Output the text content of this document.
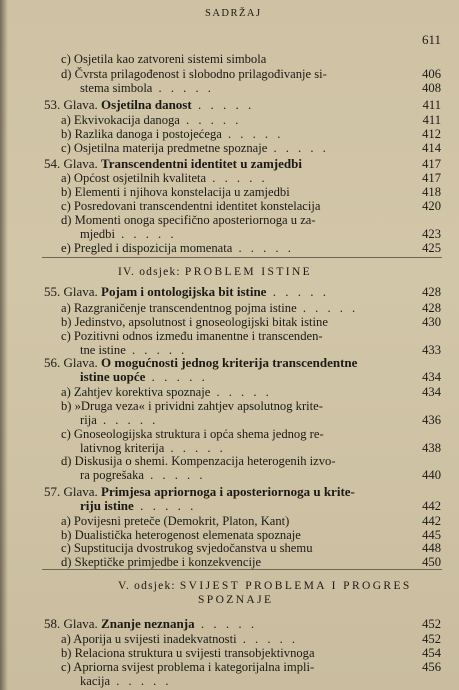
SADRŽAJ
611
c) Osjetila kao zatvoreni sistemi simbola
d) Čvrsta prilagođenost i slobodno prilagođivanje si-	406
stema simbola . . . . .	408
53. Glava. Osjetilna danost . . . . .	411
a) Ekvivokacija danoga . . . . .	411
b) Razlika danoga i postojećega . . . . .	412
c) Osjetilna materija predmetne spoznaje . . . . .	414
54. Glava. Transcendentni identitet u zamjedbi	417
a) Općost osjetilnih kvaliteta . . . . .	417
b) Elementi i njihova konstelacija u zamjedbi	418
c) Posredovani transcendentni identitet konstelacija	420
d) Momenti onoga specifično aposteriornoga u za-
mjedbi . . . . .	423
e) Pregled i dispozicija momenata . . . . .	425
IV. odsjek: PROBLEM ISTINE
55. Glava. Pojam i ontologijska bit istine . . . . .	428
a) Razgraničenje transcendentnog pojma istine . . . . .	428
b) Jedinstvo, apsolutnost i gnoseologijski bitak istine	430
c) Pozitivni odnos između imanentne i transcenden-
tne istine . . . . .	433
56. Glava. O mogućnosti jednog kriterija transcendentne
istine uopće . . . . .	434
a) Zahtjev korektiva spoznaje . . . . .	434
b) »Druga veza« i prividni zahtjev apsolutnog krite-
rija . . . . .	436
c) Gnoseologijska struktura i opća shema jednog re-
lativnog kriterija . . . . .	438
d) Diskusija o shemi. Kompenzacija heterogenih izvo-
ra pogrešaka . . . . .	440
57. Glava. Primjesa apriornoga i aposteriornoga u krite-
riju istine . . . . .	442
a) Povijesni preteče (Demokrit, Platon, Kant)	442
b) Dualistička heterogenost elemenata spoznaje	445
c) Supstitucija dvostrukog svjedočanstva u shemu	448
d) Skeptičke primjedbe i konzekvencije	450
V. odsjek: SVIJEST PROBLEMA I PROGRES
SPOZNAJE
58. Glava. Znanje neznanja . . . . .	452
a) Aporija u svijesti inadekvatnosti . . . . .	452
b) Relaciona struktura u svijesti transobjektivnoga	454
c) Apriorna svijest problema i kategorijalna impli-	456
kacija . . . . .
